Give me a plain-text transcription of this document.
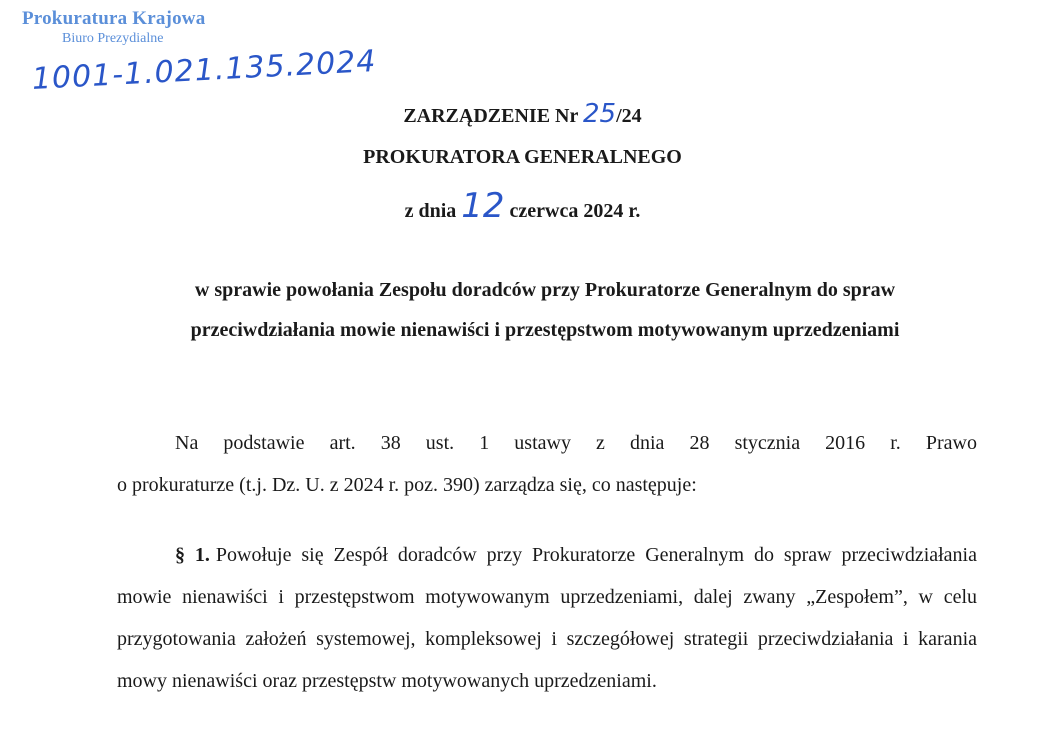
Prokuratura Krajowa
Biuro Prezydialne
1001-1.021.135.2024
ZARZĄDZENIE Nr 25/24
PROKURATORA GENERALNEGO
z dnia 12 czerwca 2024 r.
w sprawie powołania Zespołu doradców przy Prokuratorze Generalnym do spraw przeciwdziałania mowie nienawiści i przestępstwom motywowanym uprzedzeniami
Na podstawie art. 38 ust. 1 ustawy z dnia 28 stycznia 2016 r. Prawo
o prokuraturze (t.j. Dz. U. z 2024 r. poz. 390) zarządza się, co następuje:
§ 1. Powołuje się Zespół doradców przy Prokuratorze Generalnym do spraw przeciwdziałania mowie nienawiści i przestępstwom motywowanym uprzedzeniami, dalej zwany „Zespołem”, w celu przygotowania założeń systemowej, kompleksowej i szczegółowej strategii przeciwdziałania i karania mowy nienawiści oraz przestępstw motywowanych uprzedzeniami.
